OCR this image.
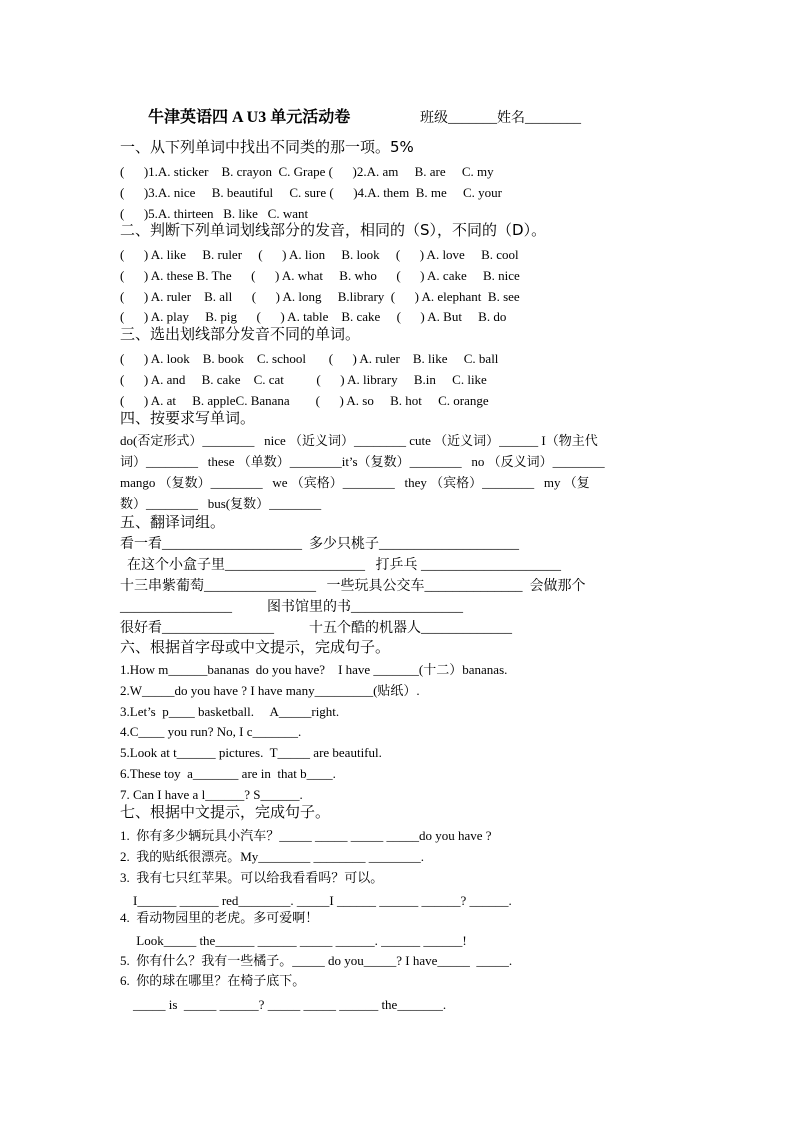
牛津英语四 A U3 单元活动卷	班级_______姓名________
一、从下列单词中找出不同类的那一项。5%
(      )1.A. sticker    B. crayon  C. Grape (      )2.A. am     B. are     C. my
(      )3.A. nice     B. beautiful     C. sure (      )4.A. them  B. me     C. your
(      )5.A. thirteen   B. like   C. want
二、判断下列单词划线部分的发音，相同的（S），不同的（D）。
(      ) A. like     B. ruler     (      ) A. lion     B. look     (      ) A. love     B. cool
(      ) A. these B. The      (      ) A. what     B. who      (      ) A. cake     B. nice
(      ) A. ruler    B. all      (      ) A. long     B.library  (      ) A. elephant  B. see
(      ) A. play     B. pig      (      ) A. table    B. cake     (      ) A. But     B. do
三、选出划线部分发音不同的单词。
(      ) A. look    B. book    C. school       (      ) A. ruler    B. like     C. ball
(      ) A. and     B. cake    C. cat          (      ) A. library     B.in     C. like
(      ) A. at     B. appleC. Banana        (      ) A. so     B. hot     C. orange
四、按要求写单词。
do(否定形式）________   nice （近义词）________ cute （近义词）______ I（物主代
词）________   these （单数）________it’s（复数）________   no （反义词）________
mango （复数）________   we （宾格）________   they （宾格）________   my （复
数）________   bus(复数）________
五、翻译词组。
看一看____________________  多少只桃子____________________
在这个小盒子里____________________   打乒乓 ____________________
十三串紫葡萄________________   一些玩具公交车______________  会做那个
________________          图书馆里的书________________
很好看________________          十五个酷的机器人_____________
六、根据首字母或中文提示，完成句子。
1.How m______bananas  do you have?    I have _______(十二）bananas.
2.W_____do you have ? I have many_________(贴纸）.
3.Let’s  p____ basketball.     A_____right.
4.C____ you run? No, I c_______.
5.Look at t______ pictures.  T_____ are beautiful.
6.These toy  a_______ are in  that b____.
7. Can I have a l______? S______.
七、根据中文提示，完成句子。
1.  你有多少辆玩具小汽车？_____ _____ _____ _____do you have ?
2.  我的贴纸很漂亮。My________ ________ ________.
3.  我有七只红苹果。可以给我看看吗？可以。
I______ ______ red________. _____I ______ ______ ______? ______.
4.  看动物园里的老虎。多可爱啊！
Look_____ the______ ______ _____ ______. ______ ______!
5.  你有什么？我有一些橘子。_____ do you_____? I have_____  _____.
6.  你的球在哪里？在椅子底下。
_____ is  _____ ______? _____ _____ ______ the_______.
